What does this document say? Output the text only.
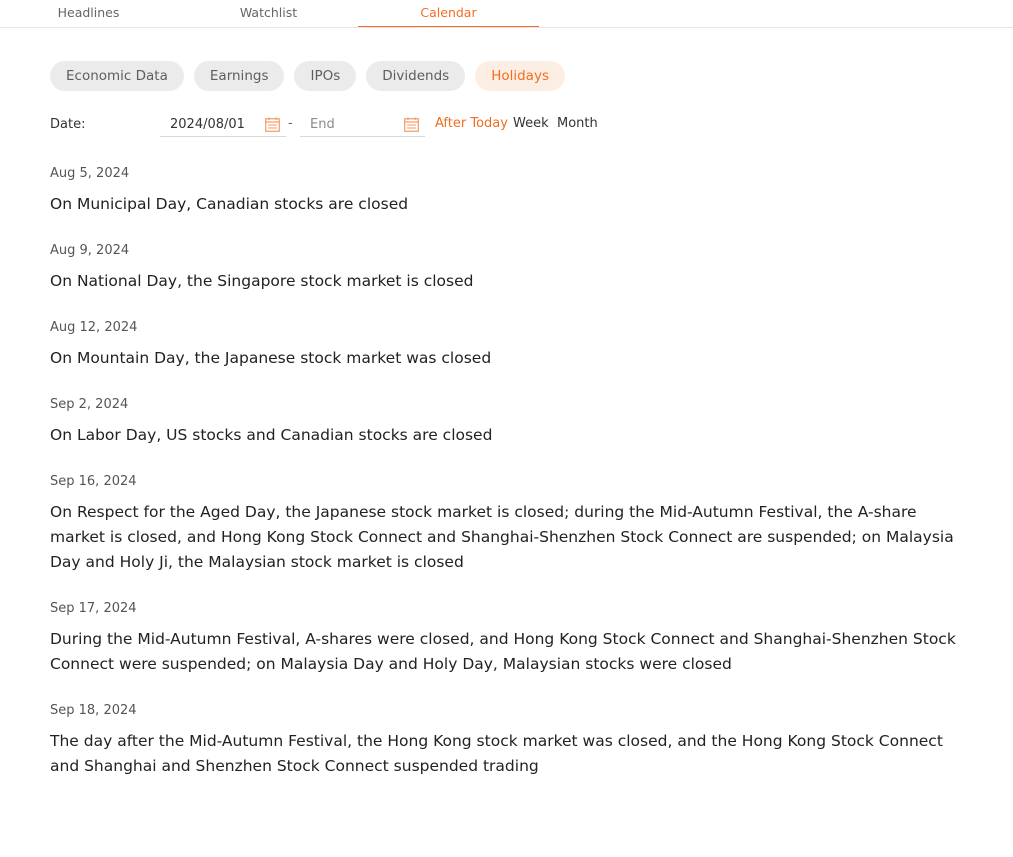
Headlines	Watchlist	Calendar
Economic Data	Earnings	IPOs	Dividends	Holidays
Date:
2024/08/01	-
End	After Today Week Month
Aug 5, 2024
On Municipal Day, Canadian stocks are closed
Aug 9, 2024
On National Day, the Singapore stock market is closed
Aug 12, 2024
On Mountain Day, the Japanese stock market was closed
Sep 2, 2024
On Labor Day, US stocks and Canadian stocks are closed
Sep 16, 2024
On Respect for the Aged Day, the Japanese stock market is closed; during the Mid-Autumn Festival, the A-share market is closed, and Hong Kong Stock Connect and Shanghai-Shenzhen Stock Connect are suspended; on Malaysia Day and Holy Ji, the Malaysian stock market is closed
Sep 17, 2024
During the Mid-Autumn Festival, A-shares were closed, and Hong Kong Stock Connect and Shanghai-Shenzhen Stock Connect were suspended; on Malaysia Day and Holy Day, Malaysian stocks were closed
Sep 18, 2024
The day after the Mid-Autumn Festival, the Hong Kong stock market was closed, and the Hong Kong Stock Connect and Shanghai and Shenzhen Stock Connect suspended trading
